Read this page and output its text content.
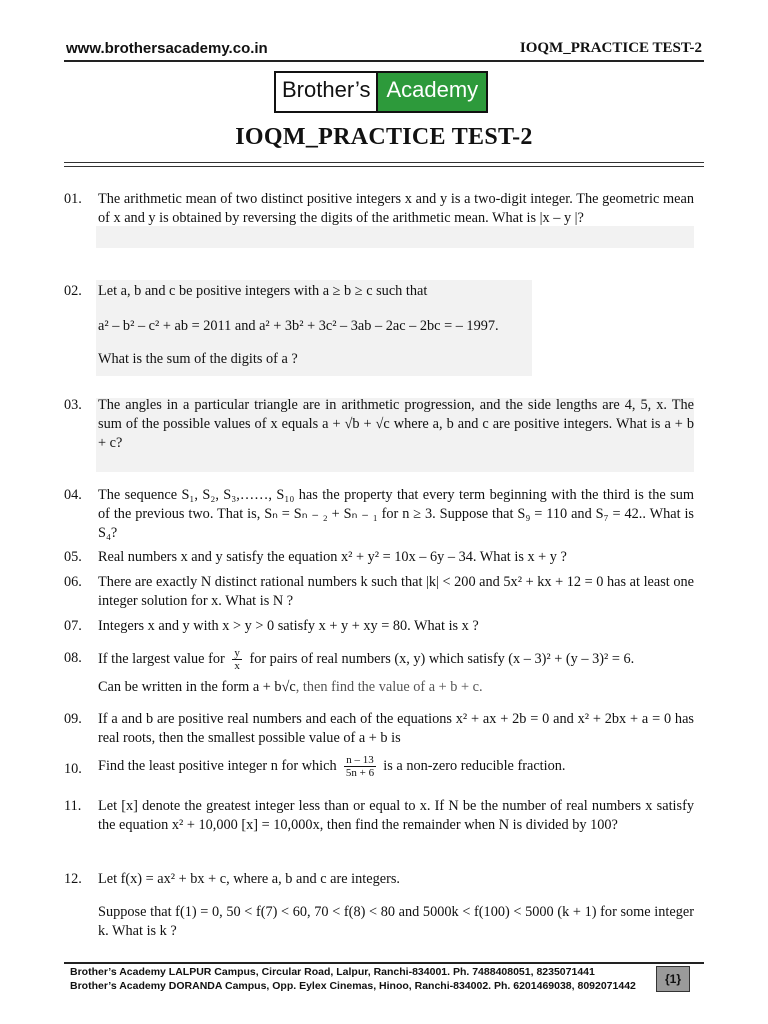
www.brothersacademy.co.in	IOQM_PRACTICE TEST-2
Brother’s Academy
IOQM_PRACTICE TEST-2
01. The arithmetic mean of two distinct positive integers x and y is a two-digit integer. The geometric mean of x and y is obtained by reversing the digits of the arithmetic mean. What is |x – y |?

02. Let a, b and c be positive integers with a ≥ b ≥ c such that

a² – b² – c² + ab = 2011 and a² + 3b² + 3c² – 3ab – 2ac – 2bc = – 1997.

What is the sum of the digits of a ?

03. The angles in a particular triangle are in arithmetic progression, and the side lengths are 4, 5, x. The sum of the possible values of x equals a + √b + √c where a, b and c are positive integers. What is a + b + c?

04. The sequence S₁, S₂, S₃,……, S₁₀ has the property that every term beginning with the third is the sum of the previous two. That is, Sₙ = Sₙ ₋ ₂ + Sₙ ₋ ₁ for n ≥ 3. Suppose that S₉ = 110 and S₇ = 42.. What is S₄?

05. Real numbers x and y satisfy the equation x² + y² = 10x – 6y – 34. What is x + y ?

06. There are exactly N distinct rational numbers k such that |k| < 200 and 5x² + kx + 12 = 0 has at least one integer solution for x. What is N ?

07. Integers x and y with x > y > 0 satisfy x + y + xy = 80. What is x ?

08. If the largest value for $\frac{y}{x}$ for pairs of real numbers (x, y) which satisfy (x – 3)² + (y – 3)² = 6.

Can be written in the form a + b√c, then find the value of a + b + c.

09. If a and b are positive real numbers and each of the equations x² + ax + 2b = 0 and x² + 2bx + a = 0 has real roots, then the smallest possible value of a + b is

10. Find the least positive integer n for which $\frac{n - 13}{5n + 6}$ is a non-zero reducible fraction.

11. Let [x] denote the greatest integer less than or equal to x. If N be the number of real numbers x satisfy the equation x² + 10,000 [x] = 10,000x, then find the remainder when N is divided by 100?

12. Let f(x) = ax² + bx + c, where a, b and c are integers.

Suppose that f(1) = 0, 50 < f(7) < 60, 70 < f(8) < 80 and 5000k < f(100) < 5000 (k + 1) for some integer k. What is k ?

Brother’s Academy LALPUR Campus, Circular Road, Lalpur, Ranchi-834001. Ph. 7488408051, 8235071441
Brother’s Academy DORANDA Campus, Opp. Eylex Cinemas, Hinoo, Ranchi-834002. Ph. 6201469038, 8092071442	{1}
